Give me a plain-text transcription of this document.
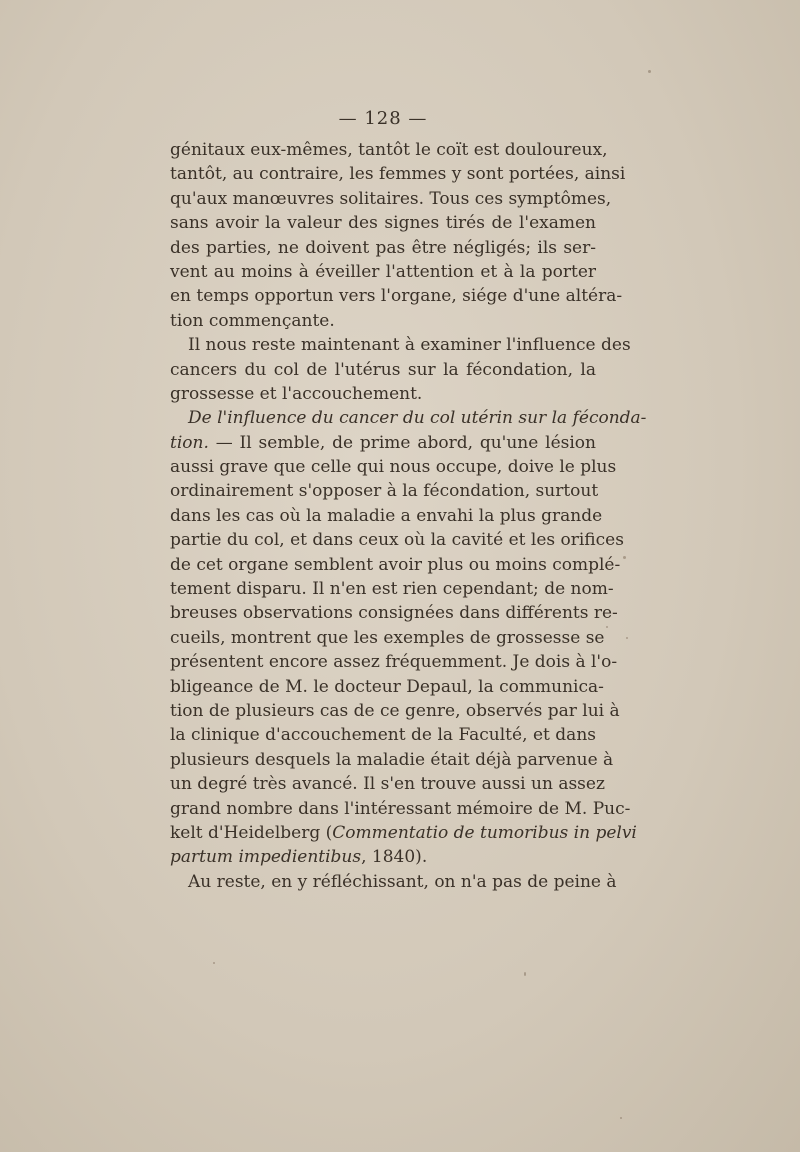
— 128 —
génitaux eux-mêmes, tantôt le coït est douloureux,
tantôt, au contraire, les femmes y sont portées, ainsi
qu'aux manœuvres solitaires. Tous ces symptômes,
sans avoir la valeur des signes tirés de l'examen
des parties, ne doivent pas être négligés; ils ser-
vent au moins à éveiller l'attention et à la porter
en temps opportun vers l'organe, siége d'une altéra-
tion commençante.
Il nous reste maintenant à examiner l'influence des
cancers du col de l'utérus sur la fécondation, la
grossesse et l'accouchement.
De l'influence du cancer du col utérin sur la féconda-
tion. — Il semble, de prime abord, qu'une lésion
aussi grave que celle qui nous occupe, doive le plus
ordinairement s'opposer à la fécondation, surtout
dans les cas où la maladie a envahi la plus grande
partie du col, et dans ceux où la cavité et les orifices
de cet organe semblent avoir plus ou moins complé-
tement disparu. Il n'en est rien cependant; de nom-
breuses observations consignées dans différents re-
cueils, montrent que les exemples de grossesse se
présentent encore assez fréquemment. Je dois à l'o-
bligeance de M. le docteur Depaul, la communica-
tion de plusieurs cas de ce genre, observés par lui à
la clinique d'accouchement de la Faculté, et dans
plusieurs desquels la maladie était déjà parvenue à
un degré très avancé. Il s'en trouve aussi un assez
grand nombre dans l'intéressant mémoire de M. Puc-
kelt d'Heidelberg (Commentatio de tumoribus in pelvi
partum impedientibus, 1840).
Au reste, en y réfléchissant, on n'a pas de peine à
